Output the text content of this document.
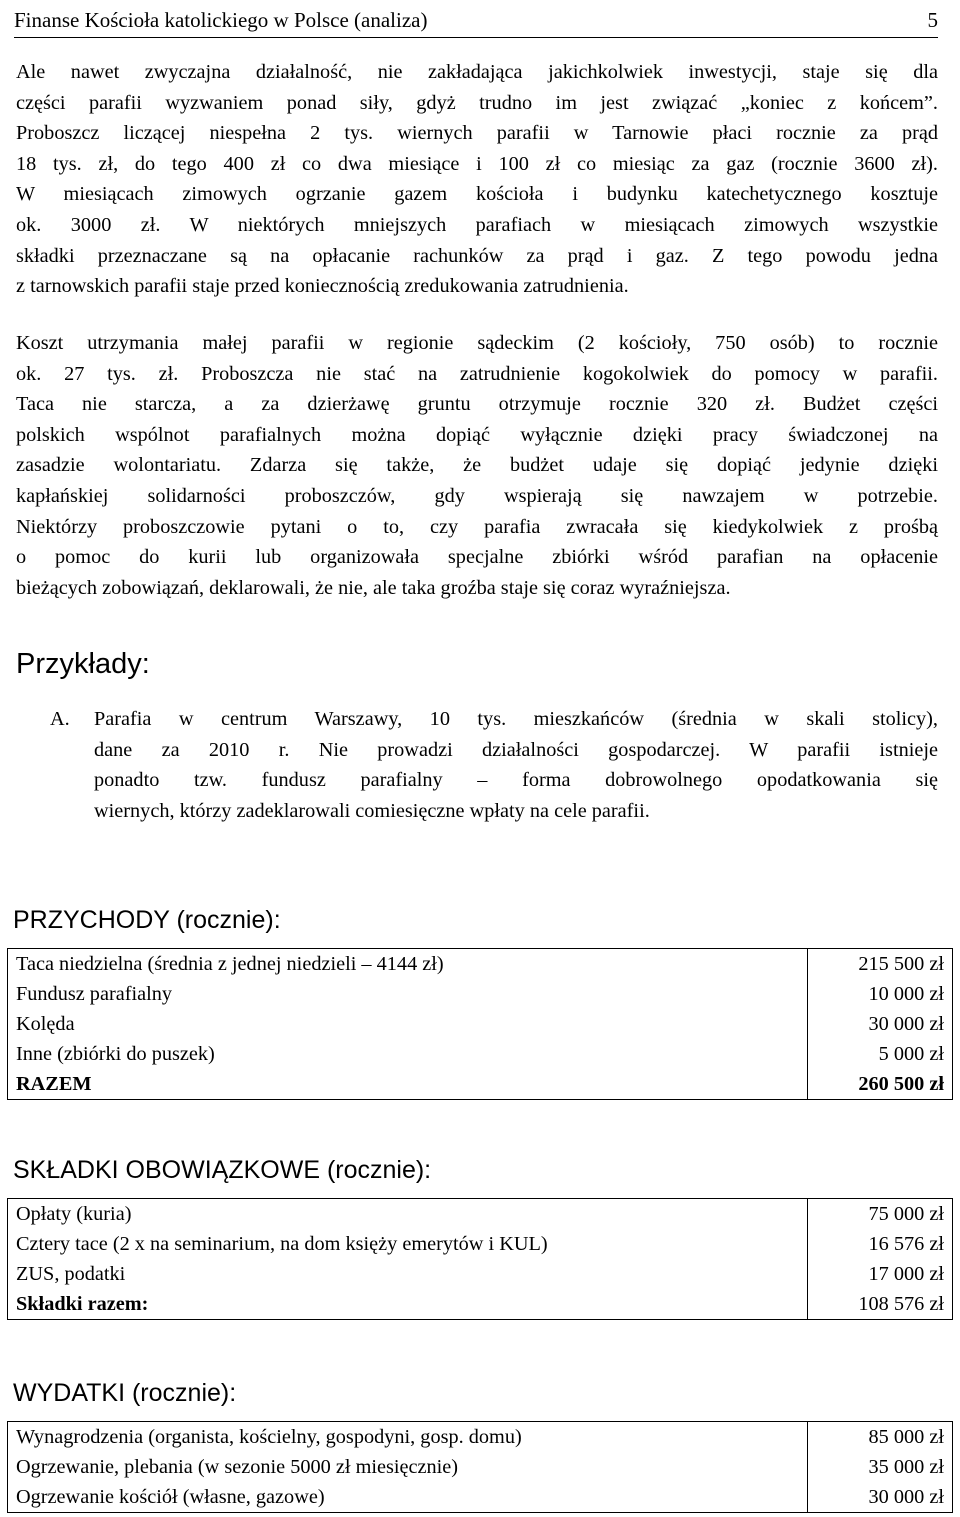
Finanse Kościoła katolickiego w Polsce (analiza)	5
Ale nawet zwyczajna działalność, nie zakładająca jakichkolwiek inwestycji, staje się dla
części parafii wyzwaniem ponad siły, gdyż trudno im jest związać „koniec z końcem”.
Proboszcz liczącej niespełna 2 tys. wiernych parafii w Tarnowie płaci rocznie za prąd
18 tys. zł, do tego 400 zł co dwa miesiące i 100 zł co miesiąc za gaz (rocznie 3600 zł).
W miesiącach zimowych ogrzanie gazem kościoła i budynku katechetycznego kosztuje
ok. 3000 zł. W niektórych mniejszych parafiach w miesiącach zimowych wszystkie
składki przeznaczane są na opłacanie rachunków za prąd i gaz. Z tego powodu jedna
z tarnowskich parafii staje przed koniecznością zredukowania zatrudnienia.
Koszt utrzymania małej parafii w regionie sądeckim (2 kościoły, 750 osób) to rocznie
ok. 27 tys. zł. Proboszcza nie stać na zatrudnienie kogokolwiek do pomocy w parafii.
Taca nie starcza, a za dzierżawę gruntu otrzymuje rocznie 320 zł. Budżet części
polskich wspólnot parafialnych można dopiąć wyłącznie dzięki pracy świadczonej na
zasadzie wolontariatu. Zdarza się także, że budżet udaje się dopiąć jedynie dzięki
kapłańskiej solidarności proboszczów, gdy wspierają się nawzajem w potrzebie.
Niektórzy proboszczowie pytani o to, czy parafia zwracała się kiedykolwiek z prośbą
o pomoc do kurii lub organizowała specjalne zbiórki wśród parafian na opłacenie
bieżących zobowiązań, deklarowali, że nie, ale taka groźba staje się coraz wyraźniejsza.
Przykłady:
A. Parafia w centrum Warszawy, 10 tys. mieszkańców (średnia w skali stolicy),
dane za 2010 r. Nie prowadzi działalności gospodarczej. W parafii istnieje
ponadto tzw. fundusz parafialny – forma dobrowolnego opodatkowania się
wiernych, którzy zadeklarowali comiesięczne wpłaty na cele parafii.
PRZYCHODY (rocznie):
Taca niedzielna (średnia z jednej niedzieli – 4144 zł)		215 500 zł
Fundusz parafialny		10 000 zł
Kolęda		30 000 zł
Inne (zbiórki do puszek)		5 000 zł
RAZEM		260 500 zł
SKŁADKI OBOWIĄZKOWE (rocznie):
Opłaty (kuria)		75 000 zł
Cztery tace (2 x na seminarium, na dom księży emerytów i KUL)		16 576 zł
ZUS, podatki		17 000 zł
Składki razem:		108 576 zł
WYDATKI (rocznie):
Wynagrodzenia (organista, kościelny, gospodyni, gosp. domu)		85 000 zł
Ogrzewanie, plebania (w sezonie 5000 zł miesięcznie)		35 000 zł
Ogrzewanie kościół (własne, gazowe)		30 000 zł
